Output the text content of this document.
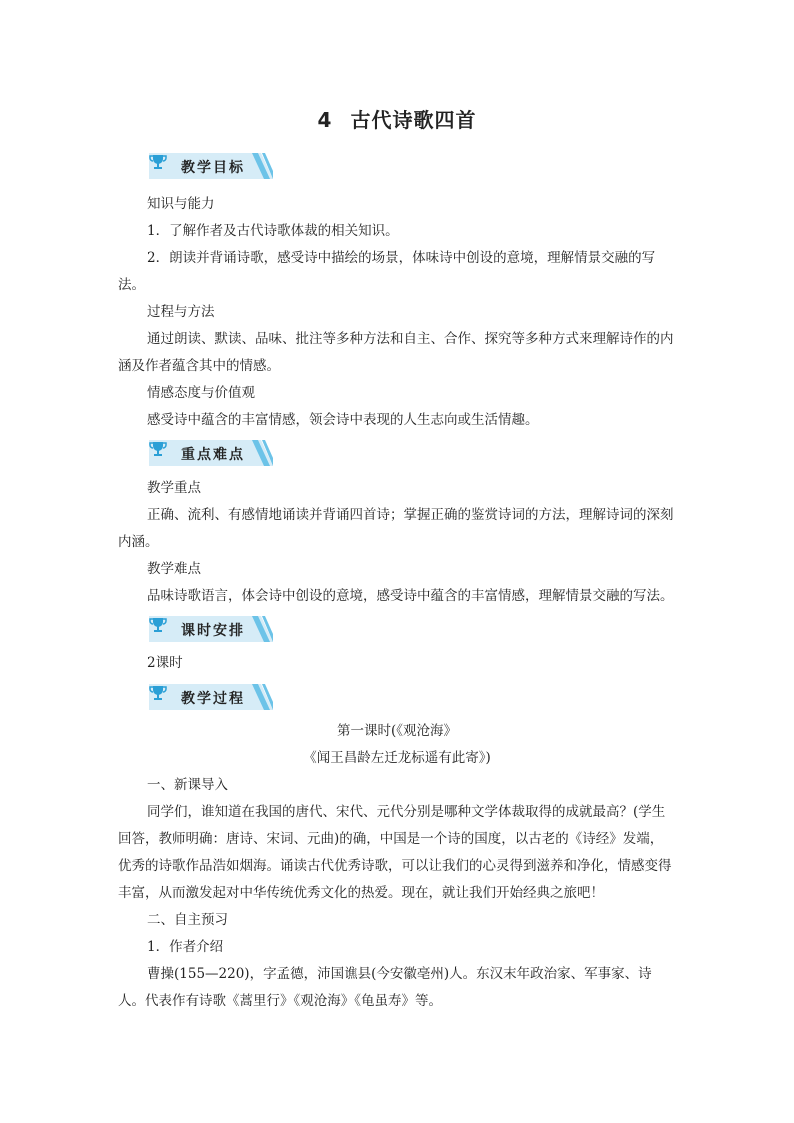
4 古代诗歌四首
教学目标
知识与能力
1．了解作者及古代诗歌体裁的相关知识。
2．朗读并背诵诗歌，感受诗中描绘的场景，体味诗中创设的意境，理解情景交融的写法。
过程与方法
通过朗读、默读、品味、批注等多种方法和自主、合作、探究等多种方式来理解诗作的内涵及作者蕴含其中的情感。
情感态度与价值观
感受诗中蕴含的丰富情感，领会诗中表现的人生志向或生活情趣。
重点难点
教学重点
正确、流利、有感情地诵读并背诵四首诗；掌握正确的鉴赏诗词的方法，理解诗词的深刻内涵。
教学难点
品味诗歌语言，体会诗中创设的意境，感受诗中蕴含的丰富情感，理解情景交融的写法。
课时安排
2课时
教学过程
第一课时(《观沧海》
《闻王昌龄左迁龙标遥有此寄》)
一、新课导入
同学们，谁知道在我国的唐代、宋代、元代分别是哪种文学体裁取得的成就最高？(学生回答，教师明确：唐诗、宋词、元曲)的确，中国是一个诗的国度，以古老的《诗经》发端，优秀的诗歌作品浩如烟海。诵读古代优秀诗歌，可以让我们的心灵得到滋养和净化，情感变得丰富，从而激发起对中华传统优秀文化的热爱。现在，就让我们开始经典之旅吧！
二、自主预习
1．作者介绍
曹操(155—220)，字孟德，沛国谯县(今安徽亳州)人。东汉末年政治家、军事家、诗人。代表作有诗歌《蒿里行》《观沧海》《龟虽寿》等。
